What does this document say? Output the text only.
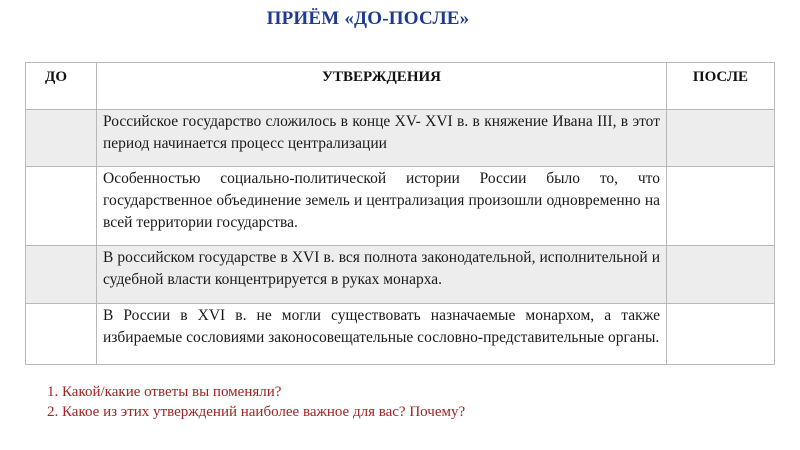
ПРИЁМ «ДО-ПОСЛЕ»
ДО	УТВЕРЖДЕНИЯ	ПОСЛЕ
	Российское государство сложилось в конце XV- XVI в. в княжение Ивана III, в этот период начинается процесс централизации	
	Особенностью социально-политической истории России было то, что государственное объединение земель и централизация произошли одновременно на всей территории государства.	
	В российском государстве в XVI в. вся полнота законодательной, исполнительной и судебной власти концентрируется в руках монарха.	
	В России в XVI в. не могли существовать назначаемые монархом, а также избираемые сословиями законосовещательные сословно-представительные органы.	
1. Какой/какие ответы вы поменяли?
2. Какое из этих утверждений наиболее важное для вас? Почему?
